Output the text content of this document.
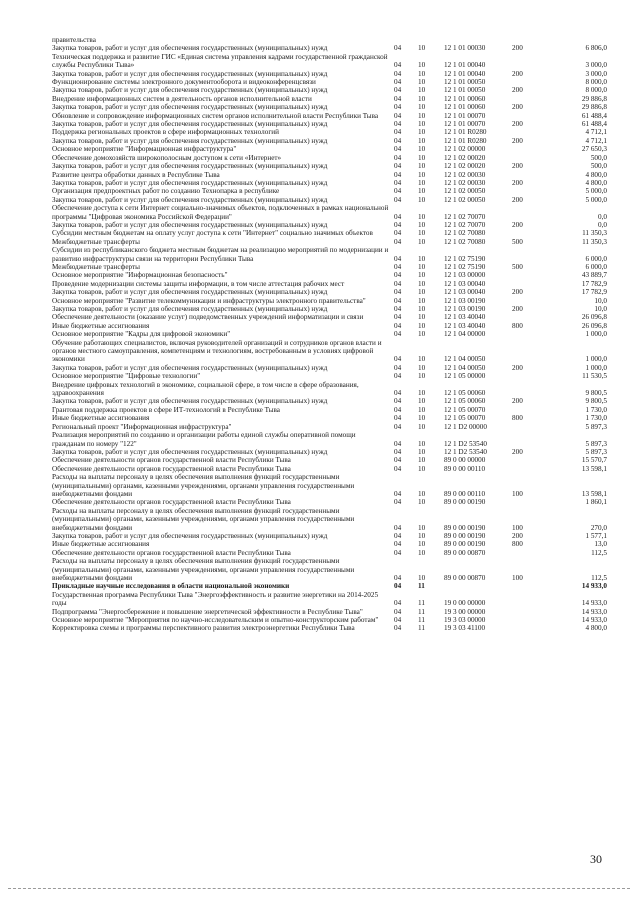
правительства
Закупка товаров, работ и услуг для обеспечения государственных (муниципальных) нужд	04	10	12 1 01 00030	200	6 806,0
Техническая поддержка и развитие ГИС «Единая система управления кадрами государственной гражданской службы Республики Тыва»	04	10	12 1 01 00040	3 000,0
Закупка товаров, работ и услуг для обеспечения государственных (муниципальных) нужд	04	10	12 1 01 00040	200	3 000,0
Функционирование системы электронного документооборота и видеоконференцсвязи	04	10	12 1 01 00050	8 000,0
Закупка товаров, работ и услуг для обеспечения государственных (муниципальных) нужд	04	10	12 1 01 00050	200	8 000,0
Внедрение информационных систем в деятельность органов исполнительной власти	04	10	12 1 01 00060	29 886,8
Закупка товаров, работ и услуг для обеспечения государственных (муниципальных) нужд	04	10	12 1 01 00060	200	29 886,8
Обновление и сопровождение информационных систем органов исполнительной власти Республики Тыва	04	10	12 1 01 00070	61 488,4
Закупка товаров, работ и услуг для обеспечения государственных (муниципальных) нужд	04	10	12 1 01 00070	200	61 488,4
Поддержка региональных проектов в сфере информационных технологий	04	10	12 1 01 R0280	4 712,1
Закупка товаров, работ и услуг для обеспечения государственных (муниципальных) нужд	04	10	12 1 01 R0280	200	4 712,1
Основное мероприятие "Информационная инфраструктура"	04	10	12 1 02 00000	27 650,3
Обеспечение домохозяйств широкополосным доступом к сети «Интернет»	04	10	12 1 02 00020	500,0
Закупка товаров, работ и услуг для обеспечения государственных (муниципальных) нужд	04	10	12 1 02 00020	200	500,0
Развитие центра обработки данных в Республике Тыва	04	10	12 1 02 00030	4 800,0
Закупка товаров, работ и услуг для обеспечения государственных (муниципальных) нужд	04	10	12 1 02 00030	200	4 800,0
Организация предпроектных работ по созданию Технопарка в республике	04	10	12 1 02 00050	5 000,0
Закупка товаров, работ и услуг для обеспечения государственных (муниципальных) нужд	04	10	12 1 02 00050	200	5 000,0
Обеспечение доступа к сети Интернет социально-значимых объектов, подключенных в рамках национальной программы "Цифровая экономика Российской Федерации"	04	10	12 1 02 70070	0,0
Закупка товаров, работ и услуг для обеспечения государственных (муниципальных) нужд	04	10	12 1 02 70070	200	0,0
Субсидии местным бюджетам на оплату услуг доступа к сети "Интернет" социально значимых объектов	04	10	12 1 02 70080	11 350,3
Межбюджетные трансферты	04	10	12 1 02 70080	500	11 350,3
Субсидии из республиканского бюджета местным бюджетам на реализацию мероприятий по модернизации и развитию инфраструктуры связи на территории Республики Тыва	04	10	12 1 02 75190	6 000,0
Межбюджетные трансферты	04	10	12 1 02 75190	500	6 000,0
Основное мероприятие "Информационная безопасность"	04	10	12 1 03 00000	43 889,7
Проведение модернизации системы защиты информации, в том числе аттестация рабочих мест	04	10	12 1 03 00040	17 782,9
Закупка товаров, работ и услуг для обеспечения государственных (муниципальных) нужд	04	10	12 1 03 00040	200	17 782,9
Основное мероприятие "Развитие телекоммуникации и инфраструктуры электронного правительства"	04	10	12 1 03 00190	10,0
Закупка товаров, работ и услуг для обеспечения государственных (муниципальных) нужд	04	10	12 1 03 00190	200	10,0
Обеспечение деятельности (оказание услуг) подведомственных учреждений информатизации и связи	04	10	12 1 03 40040	26 096,8
Иные бюджетные ассигнования	04	10	12 1 03 40040	800	26 096,8
Основное мероприятие "Кадры для цифровой экономики"	04	10	12 1 04 00000	1 000,0
Обучение работающих специалистов, включая руководителей организаций и сотрудников органов власти и органов местного самоуправления, компетенциям и технологиям, востребованным в условиях цифровой экономики	04	10	12 1 04 00050	1 000,0
Закупка товаров, работ и услуг для обеспечения государственных (муниципальных) нужд	04	10	12 1 04 00050	200	1 000,0
Основное мероприятие "Цифровые технологии"	04	10	12 1 05 00000	11 530,5
Внедрение цифровых технологий в экономике, социальной сфере, в том числе в сфере образования, здравоохранения	04	10	12 1 05 00060	9 800,5
Закупка товаров, работ и услуг для обеспечения государственных (муниципальных) нужд	04	10	12 1 05 00060	200	9 800,5
Грантовая поддержка проектов в сфере ИТ-технологий в Республике Тыва	04	10	12 1 05 00070	1 730,0
Иные бюджетные ассигнования	04	10	12 1 05 00070	800	1 730,0
Региональный проект "Информационная инфраструктура"	04	10	12 1 D2 00000	5 897,3
Реализация мероприятий по созданию и организации работы единой службы оперативной помощи гражданам по номеру "122"	04	10	12 1 D2 53540	5 897,3
Закупка товаров, работ и услуг для обеспечения государственных (муниципальных) нужд	04	10	12 1 D2 53540	200	5 897,3
Обеспечение деятельности органов государственной власти Республики Тыва	04	10	89 0 00 00000	15 570,7
Обеспечение деятельности органов государственной власти Республики Тыва	04	10	89 0 00 00110	13 598,1
Расходы на выплаты персоналу в целях обеспечения выполнения функций государственными (муниципальными) органами, казенными учреждениями, органами управления государственными внебюджетными фондами	04	10	89 0 00 00110	100	13 598,1
Обеспечение деятельности органов государственной власти Республики Тыва	04	10	89 0 00 00190	1 860,1
Расходы на выплаты персоналу в целях обеспечения выполнения функций государственными (муниципальными) органами, казенными учреждениями, органами управления государственными внебюджетными фондами	04	10	89 0 00 00190	100	270,0
Закупка товаров, работ и услуг для обеспечения государственных (муниципальных) нужд	04	10	89 0 00 00190	200	1 577,1
Иные бюджетные ассигнования	04	10	89 0 00 00190	800	13,0
Обеспечение деятельности органов государственной власти Республики Тыва	04	10	89 0 00 00870	112,5
Расходы на выплаты персоналу в целях обеспечения выполнения функций государственными (муниципальными) органами, казенными учреждениями, органами управления государственными внебюджетными фондами	04	10	89 0 00 00870	100	112,5
Прикладные научные исследования в области национальной экономики	04	11	14 933,0
Государственная программа Республики Тыва "Энергоэффективность и развитие энергетики на 2014-2025 годы	04	11	19 0 00 00000	14 933,0
Подпрограмма "Энергосбережение и повышение энергетической эффективности в Республике Тыва"	04	11	19 3 00 00000	14 933,0
Основное мероприятие "Мероприятия по научно-исследовательским и опытно-конструкторским работам"	04	11	19 3 03 00000	14 933,0
Корректировка схемы и программы перспективного развития электроэнергетики Республики Тыва	04	11	19 3 03 41100	4 800,0
30
